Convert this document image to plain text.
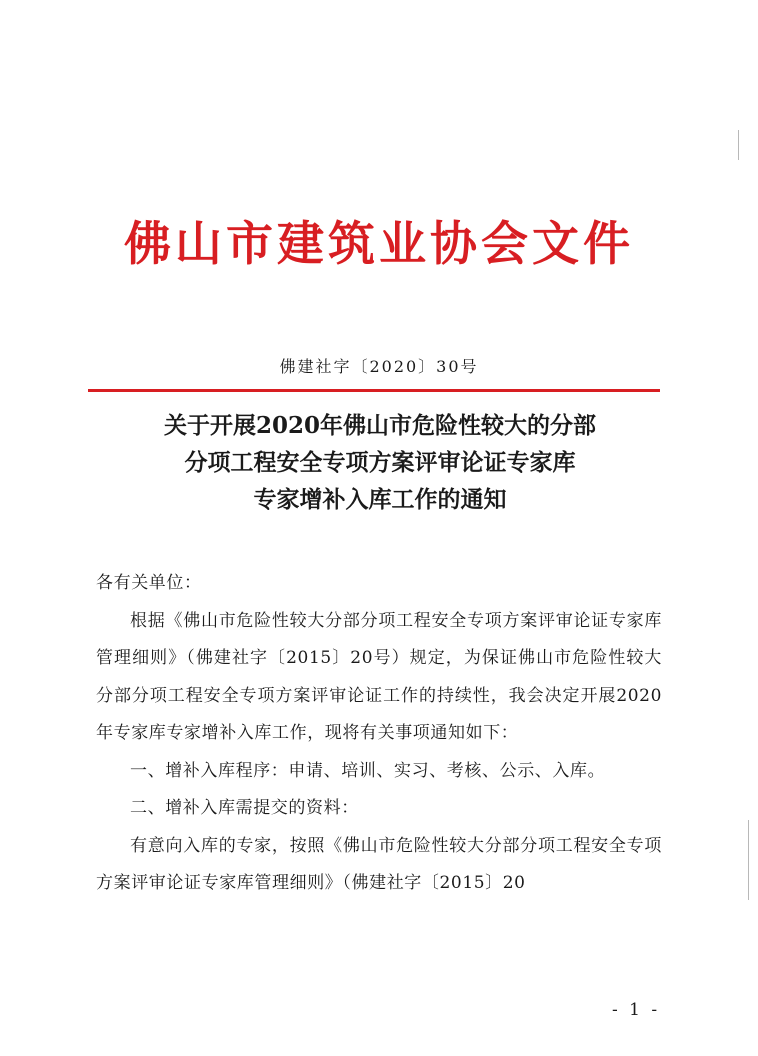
佛山市建筑业协会文件
佛建社字〔2020〕30号
关于开展2020年佛山市危险性较大的分部
分项工程安全专项方案评审论证专家库
专家增补入库工作的通知

各有关单位：

根据《佛山市危险性较大分部分项工程安全专项方案评审论证专家库管理细则》（佛建社字〔2015〕20号）规定，为保证佛山市危险性较大分部分项工程安全专项方案评审论证工作的持续性，我会决定开展2020年专家库专家增补入库工作，现将有关事项通知如下：

一、增补入库程序：申请、培训、实习、考核、公示、入库。

二、增补入库需提交的资料：

有意向入库的专家，按照《佛山市危险性较大分部分项工程安全专项方案评审论证专家库管理细则》（佛建社字〔2015〕20

- 1 -
